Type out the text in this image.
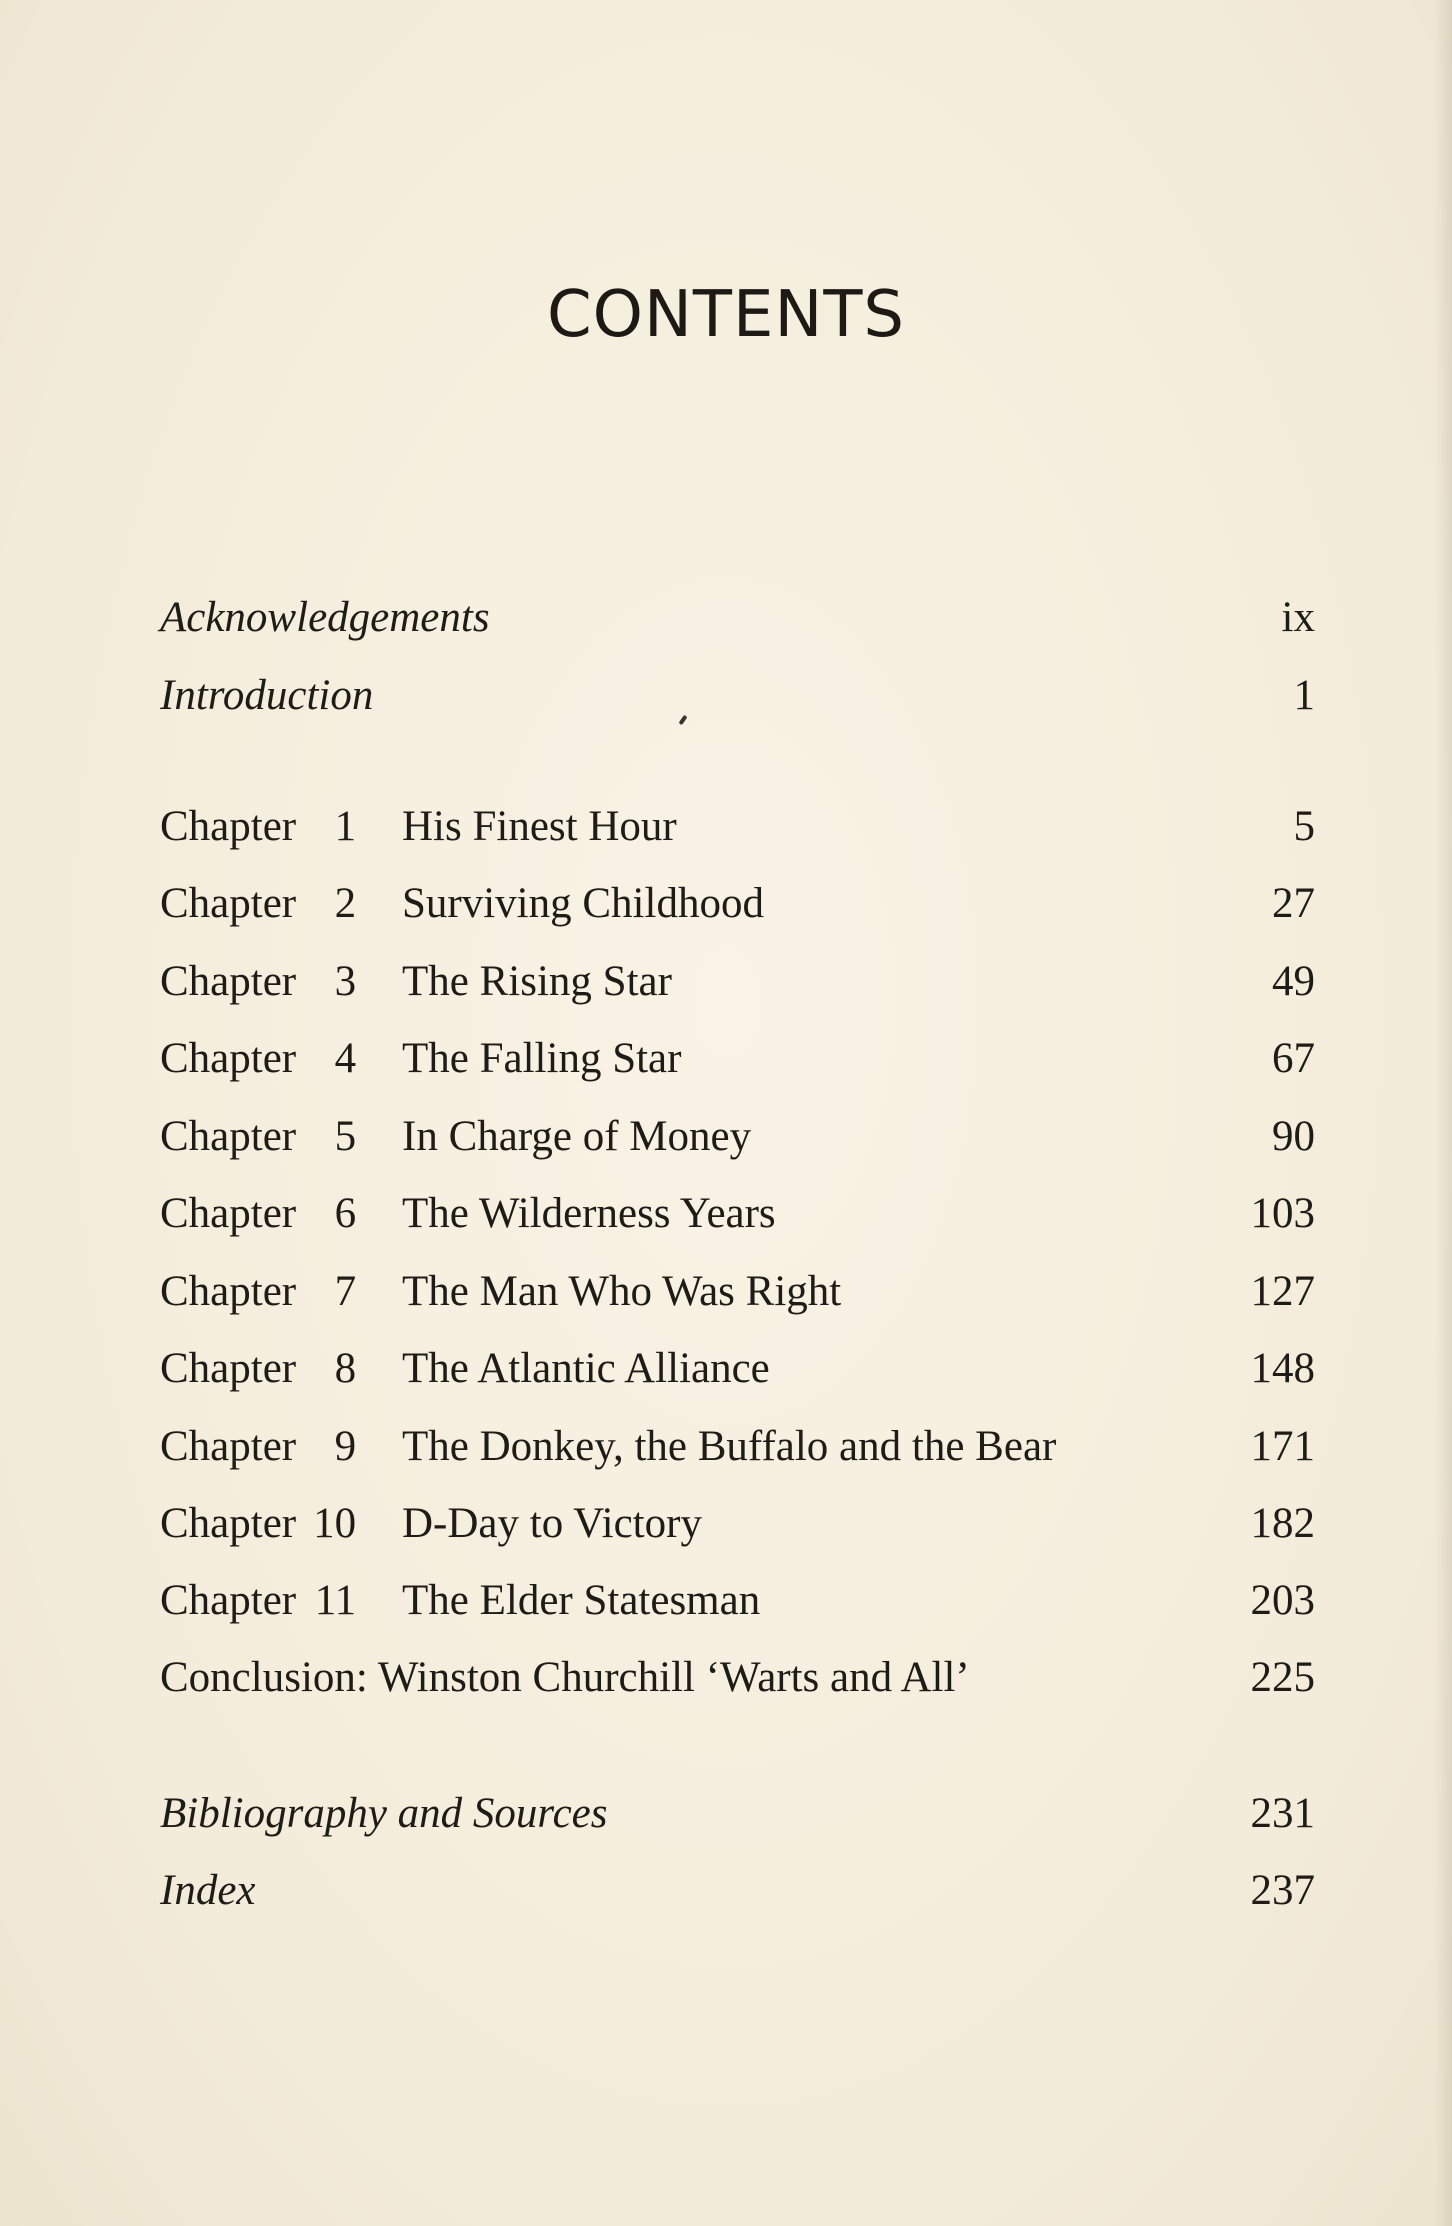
CONTENTS
Acknowledgements	ix
Introduction	1
Chapter 1 His Finest Hour	5
Chapter 2 Surviving Childhood	27
Chapter 3 The Rising Star	49
Chapter 4 The Falling Star	67
Chapter 5 In Charge of Money	90
Chapter 6 The Wilderness Years	103
Chapter 7 The Man Who Was Right	127
Chapter 8 The Atlantic Alliance	148
Chapter 9 The Donkey, the Buffalo and the Bear	171
Chapter 10 D-Day to Victory	182
Chapter 11 The Elder Statesman	203
Conclusion: Winston Churchill ‘Warts and All’	225
Bibliography and Sources	231
Index	237
